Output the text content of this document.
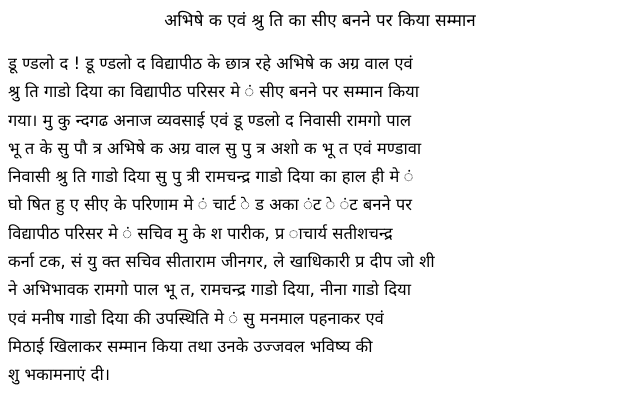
अभिषे क एवं श्रु ति का सीए बनने पर किया सम्मान
डू ण्डलो द ! डू ण्डलो द विद्यापीठ के छात्र रहे अभिषे क अग्र वाल एवं
श्रु ति गाडो दिया का विद्यापीठ परिसर मे ं सीए बनने पर सम्मान किया
गया। मु कु न्दगढ अनाज व्यवसाई एवं डू ण्डलो द निवासी रामगो पाल
भू त के सु पौ त्र अभिषे क अग्र वाल सु पु त्र अशो क भू त एवं मण्डावा
निवासी श्रु ति गाडो दिया सु पु त्री रामचन्द्र गाडो दिया का हाल ही मे ं
घो षित हु ए सीए के परिणाम मे ं चार्ट े ड अका ंट े ंट बनने पर
विद्यापीठ परिसर मे ं सचिव मु के श पारीक, प्र ाचार्य सतीशचन्द्र
कर्ना टक, सं यु क्त सचिव सीताराम जीनगर, ले खाधिकारी प्र दीप जो शी
ने अभिभावक रामगो पाल भू त, रामचन्द्र गाडो दिया, नीना गाडो दिया
एवं मनीष गाडो दिया की उपस्थिति मे ं सु मनमाल पहनाकर एवं
मिठाई खिलाकर सम्मान किया तथा उनके उज्जवल भविष्य की
शु भकामनाएं दी।
